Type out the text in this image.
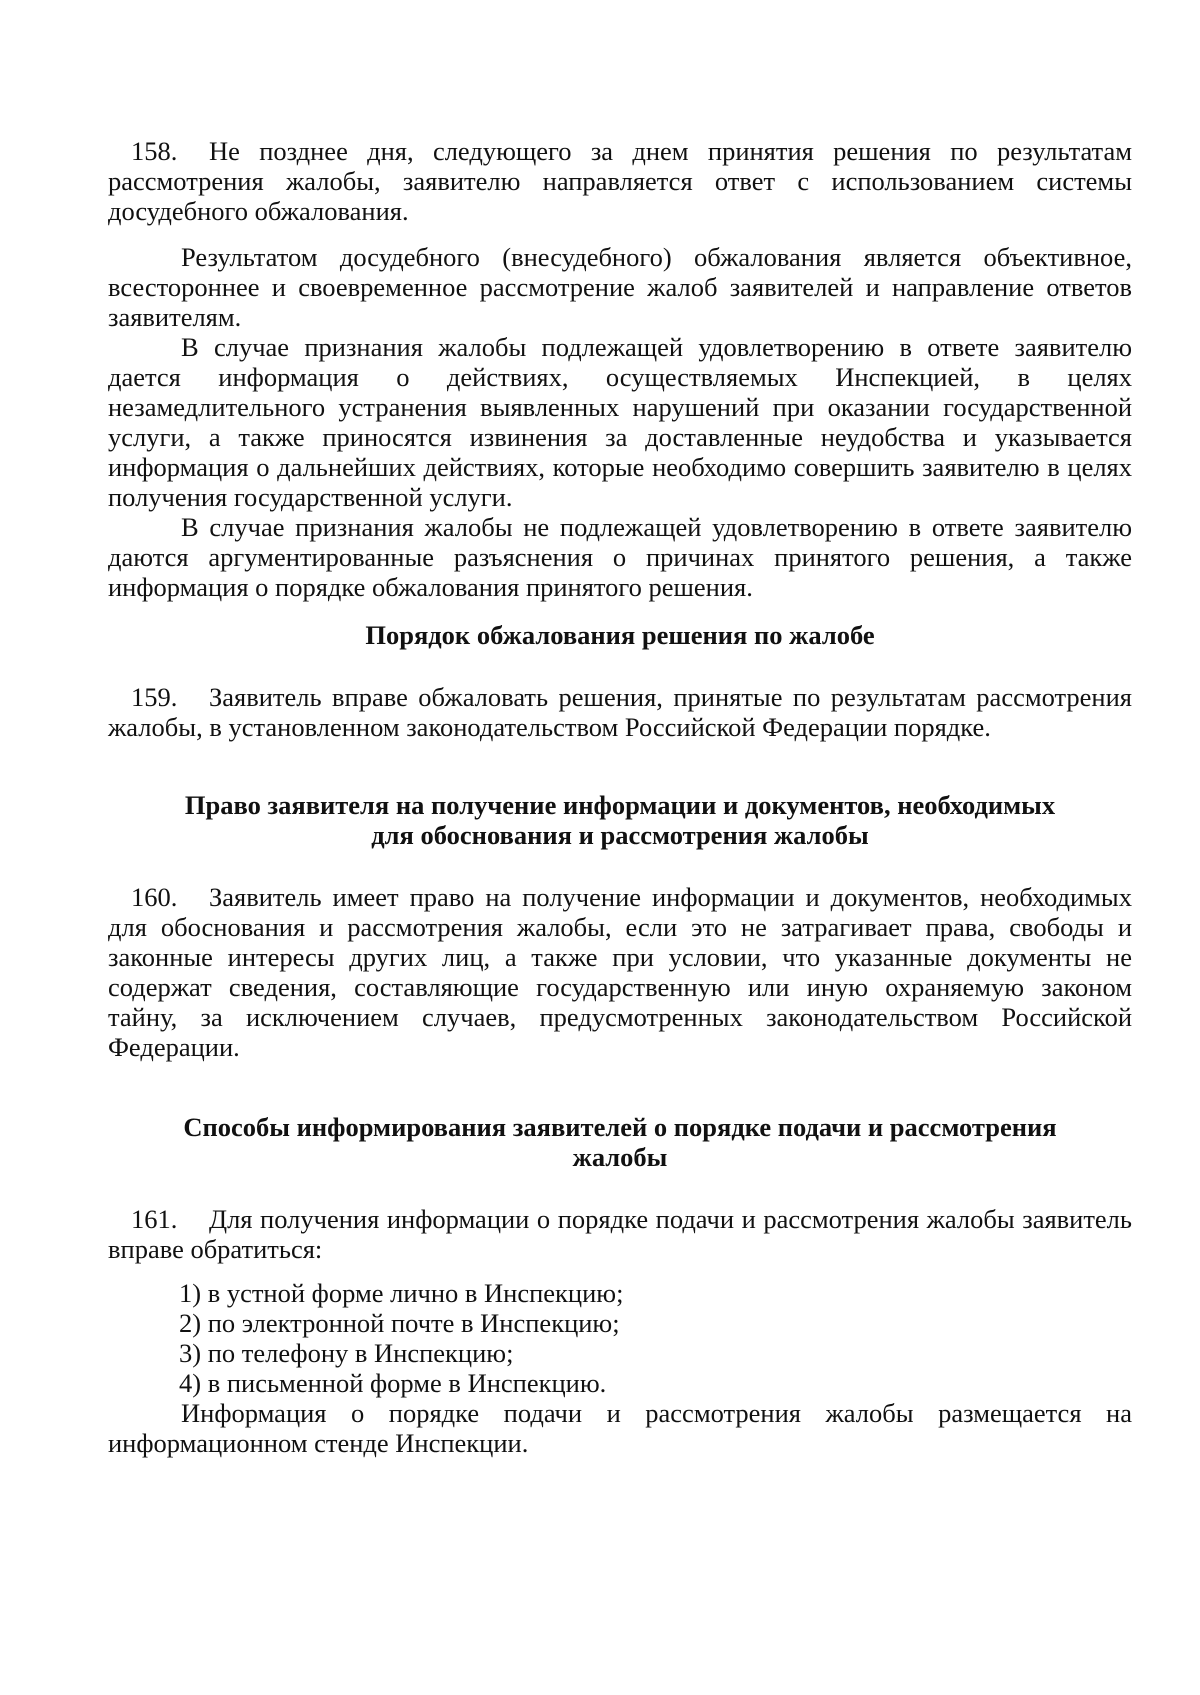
158. Не позднее дня, следующего за днем принятия решения по результатам рассмотрения жалобы, заявителю направляется ответ с использованием системы досудебного обжалования.

Результатом досудебного (внесудебного) обжалования является объективное, всестороннее и своевременное рассмотрение жалоб заявителей и направление ответов заявителям.

В случае признания жалобы подлежащей удовлетворению в ответе заявителю дается информация о действиях, осуществляемых Инспекцией, в целях незамедлительного устранения выявленных нарушений при оказании государственной услуги, а также приносятся извинения за доставленные неудобства и указывается информация о дальнейших действиях, которые необходимо совершить заявителю в целях получения государственной услуги.

В случае признания жалобы не подлежащей удовлетворению в ответе заявителю даются аргументированные разъяснения о причинах принятого решения, а также информация о порядке обжалования принятого решения.

Порядок обжалования решения по жалобе

159. Заявитель вправе обжаловать решения, принятые по результатам рассмотрения жалобы, в установленном законодательством Российской Федерации порядке.

Право заявителя на получение информации и документов, необходимых

для обоснования и рассмотрения жалобы

160. Заявитель имеет право на получение информации и документов, необходимых для обоснования и рассмотрения жалобы, если это не затрагивает права, свободы и законные интересы других лиц, а также при условии, что указанные документы не содержат сведения, составляющие государственную или иную охраняемую законом тайну, за исключением случаев, предусмотренных законодательством Российской Федерации.

Способы информирования заявителей о порядке подачи и рассмотрения

жалобы

161. Для получения информации о порядке подачи и рассмотрения жалобы заявитель вправе обратиться:

1) в устной форме лично в Инспекцию;

2) по электронной почте в Инспекцию;

3) по телефону в Инспекцию;

4) в письменной форме в Инспекцию.

Информация о порядке подачи и рассмотрения жалобы размещается на информационном стенде Инспекции.
